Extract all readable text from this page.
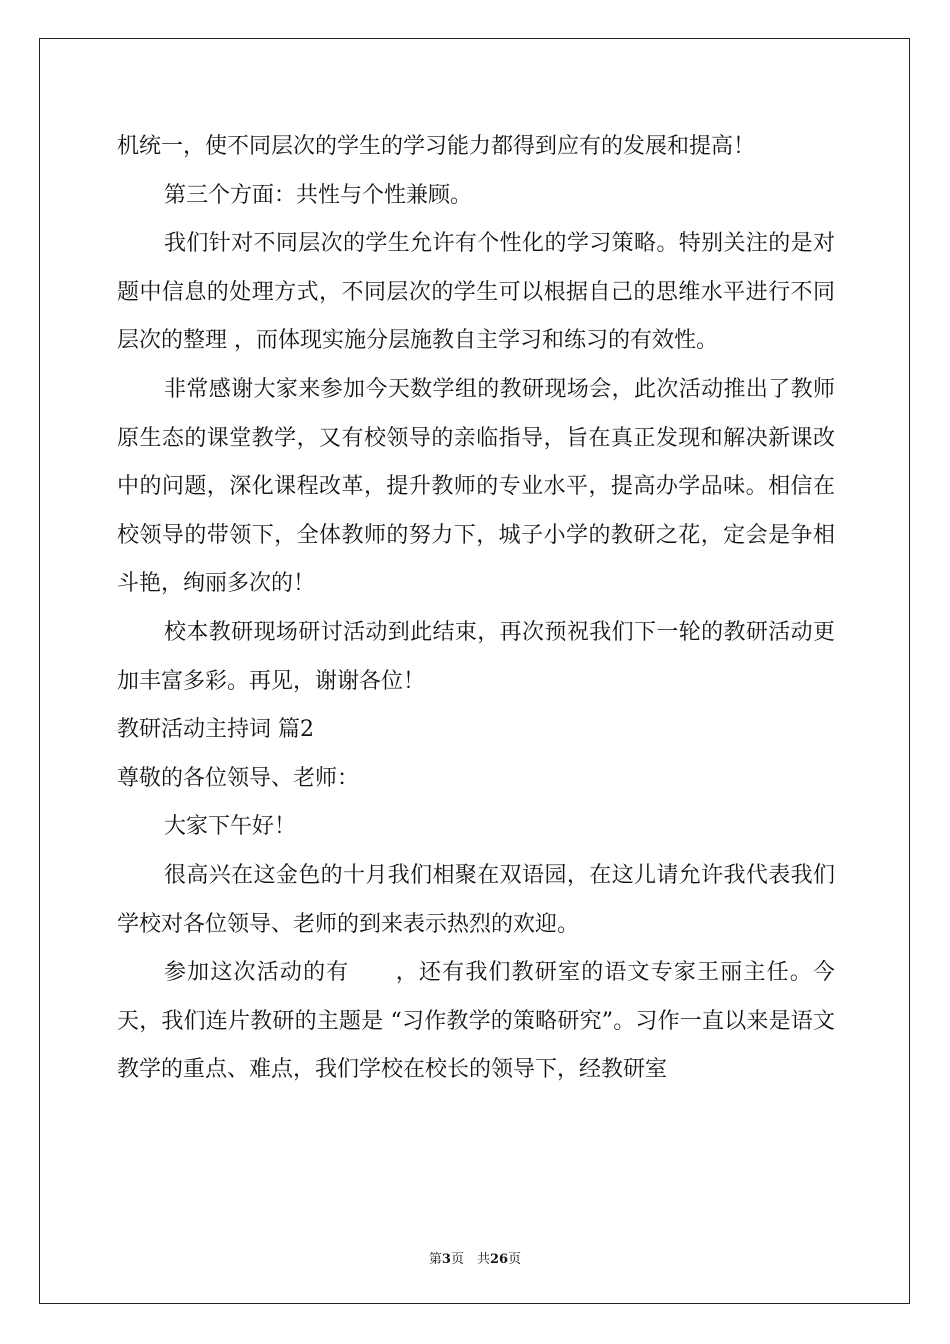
机统一，使不同层次的学生的学习能力都得到应有的发展和提高！

第三个方面：共性与个性兼顾。

我们针对不同层次的学生允许有个性化的学习策略。特别关注的是对题中信息的处理方式，不同层次的学生可以根据自己的思维水平进行不同层次的整理 ，而体现实施分层施教自主学习和练习的有效性。

非常感谢大家来参加今天数学组的教研现场会，此次活动推出了教师原生态的课堂教学，又有校领导的亲临指导，旨在真正发现和解决新课改中的问题，深化课程改革，提升教师的专业水平，提高办学品味。相信在校领导的带领下，全体教师的努力下，城子小学的教研之花，定会是争相斗艳，绚丽多次的！

校本教研现场研讨活动到此结束，再次预祝我们下一轮的教研活动更加丰富多彩。再见，谢谢各位！

教研活动主持词 篇2

尊敬的各位领导、老师：

大家下午好！

很高兴在这金色的十月我们相聚在双语园，在这儿请允许我代表我们学校对各位领导、老师的到来表示热烈的欢迎。

参加这次活动的有　　，还有我们教研室的语文专家王丽主任。今天，我们连片教研的主题是 “习作教学的策略研究”。习作一直以来是语文教学的重点、难点，我们学校在校长的领导下，经教研室

第3页　共26页
